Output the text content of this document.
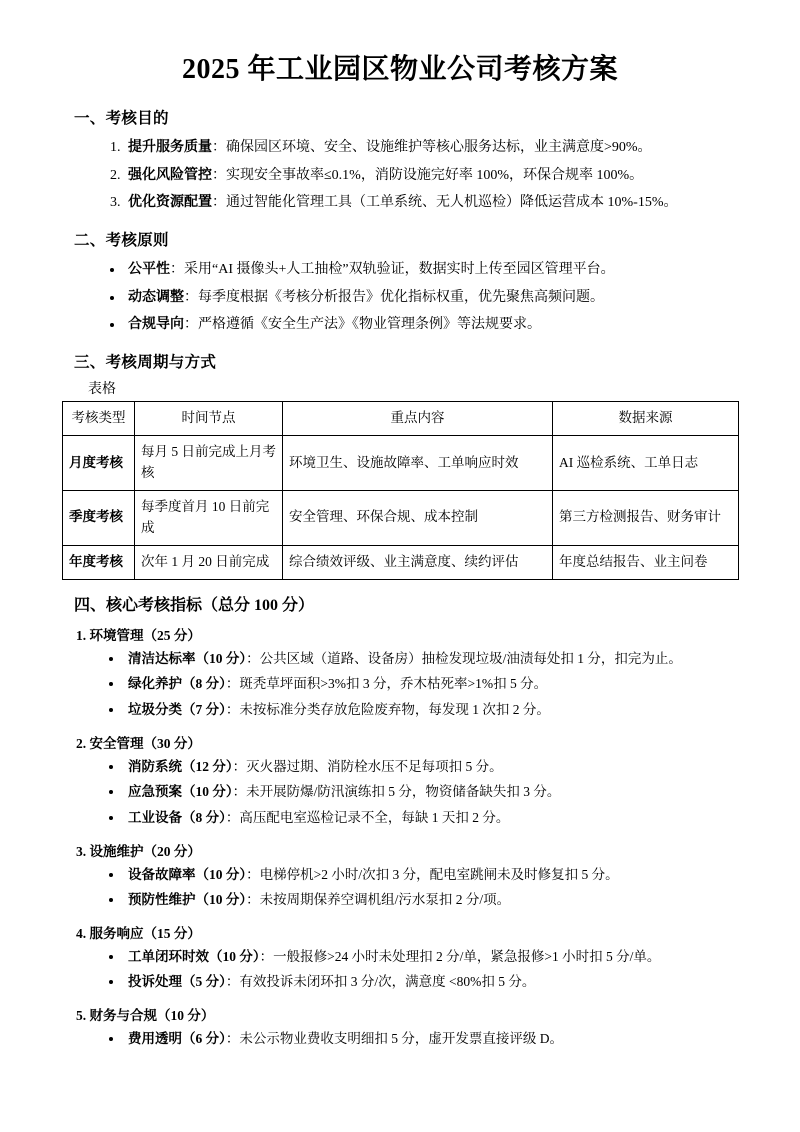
2025 年工业园区物业公司考核方案
一、考核目的
1. 提升服务质量：确保园区环境、安全、设施维护等核心服务达标，业主满意度>90%。
2. 强化风险管控：实现安全事故率≤0.1%，消防设施完好率 100%，环保合规率 100%。
3. 优化资源配置：通过智能化管理工具（工单系统、无人机巡检）降低运营成本 10%-15%。
二、考核原则
• 公平性：采用“AI 摄像头+人工抽检”双轨验证，数据实时上传至园区管理平台。
• 动态调整：每季度根据《考核分析报告》优化指标权重，优先聚焦高频问题。
• 合规导向：严格遵循《安全生产法》《物业管理条例》等法规要求。
三、考核周期与方式
表格
考核类型	时间节点	重点内容	数据来源
月度考核	每月 5 日前完成上月考核	环境卫生、设施故障率、工单响应时效	AI 巡检系统、工单日志
季度考核	每季度首月 10 日前完成	安全管理、环保合规、成本控制	第三方检测报告、财务审计
年度考核	次年 1 月 20 日前完成	综合绩效评级、业主满意度、续约评估	年度总结报告、业主问卷
四、核心考核指标（总分 100 分）
1. 环境管理（25 分）
• 清洁达标率（10 分）：公共区域（道路、设备房）抽检发现垃圾/油渍每处扣 1 分，扣完为止。
• 绿化养护（8 分）：斑秃草坪面积>3%扣 3 分，乔木枯死率>1%扣 5 分。
• 垃圾分类（7 分）：未按标准分类存放危险废弃物，每发现 1 次扣 2 分。
2. 安全管理（30 分）
• 消防系统（12 分）：灭火器过期、消防栓水压不足每项扣 5 分。
• 应急预案（10 分）：未开展防爆/防汛演练扣 5 分，物资储备缺失扣 3 分。
• 工业设备（8 分）：高压配电室巡检记录不全，每缺 1 天扣 2 分。
3. 设施维护（20 分）
• 设备故障率（10 分）：电梯停机>2 小时/次扣 3 分，配电室跳闸未及时修复扣 5 分。
• 预防性维护（10 分）：未按周期保养空调机组/污水泵扣 2 分/项。
4. 服务响应（15 分）
• 工单闭环时效（10 分）：一般报修>24 小时未处理扣 2 分/单，紧急报修>1 小时扣 5 分/单。
• 投诉处理（5 分）：有效投诉未闭环扣 3 分/次，满意度 <80%扣 5 分。
5. 财务与合规（10 分）
• 费用透明（6 分）：未公示物业费收支明细扣 5 分，虚开发票直接评级 D。
